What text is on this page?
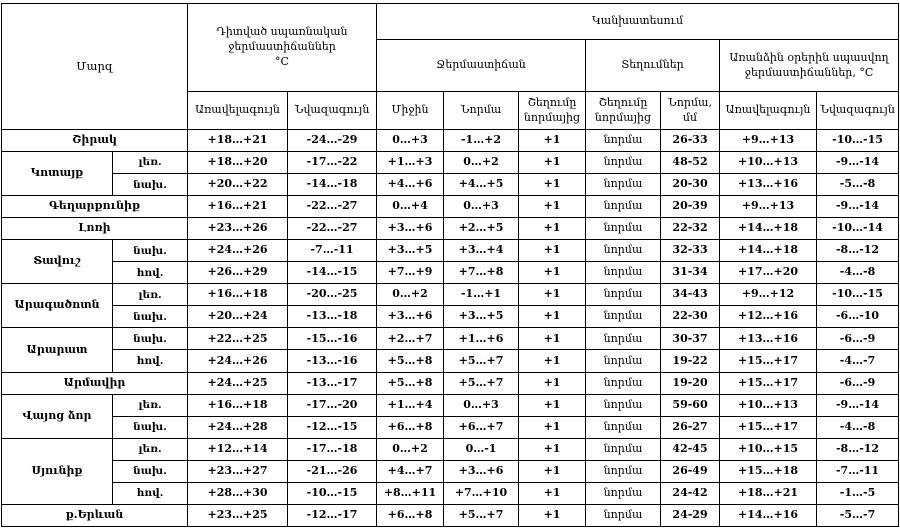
Մարզ		Դիտված սպառնական ջերմաստիճաններ
°C		Կանխատեսում						
				Ջերմաստիճան			Տեղումներ		Առանձին օրերին սպասվող ջերմաստիճաններ, °C	
		Առավելագույն	Նվազագույն	Միջին	Նորմա	Շեղումը նորմայից	Շեղումը նորմայից	Նորմա, մմ	Առավելագույն	Նվազագույն
Շիրակ		+18…+21	-24…-29	0…+3	-1…+2	+1	նորմա	26-33	+9…+13	-10…-15
Կոտայք	լեռ.	+18…+20	-17…-22	+1…+3	0…+2	+1	նորմա	48-52	+10…+13	-9…-14
	նախ.	+20…+22	-14…-18	+4…+6	+4…+5	+1	նորմա	20-30	+13…+16	-5…-8
Գեղարքունիք		+16…+21	-22…-27	0…+4	0…+3	+1	նորմա	20-39	+9…+13	-9…-14
Լոռի		+23…+26	-22…-27	+3…+6	+2…+5	+1	նորմա	22-32	+14…+18	-10…-14
Տավուշ	նախ.	+24…+26	-7…-11	+3…+5	+3…+4	+1	նորմա	32-33	+14…+18	-8…-12
	հով.	+26…+29	-14…-15	+7…+9	+7…+8	+1	նորմա	31-34	+17…+20	-4…-8
Արագածոտն	լեռ.	+16…+18	-20…-25	0…+2	-1…+1	+1	նորմա	34-43	+9…+12	-10…-15
	նախ.	+20…+24	-13…-18	+3…+6	+3…+5	+1	նորմա	22-30	+12…+16	-6…-10
Արարատ	նախ.	+22…+25	-15…-16	+2…+7	+1…+6	+1	նորմա	30-37	+13…+16	-6…-9
	հով.	+24…+26	-13…-16	+5…+8	+5…+7	+1	նորմա	19-22	+15…+17	-4…-7
Արմավիր		+24…+25	-13…-17	+5…+8	+5…+7	+1	նորմա	19-20	+15…+17	-6…-9
Վայոց ձոր	լեռ.	+16…+18	-17…-20	+1…+4	0…+3	+1	նորմա	59-60	+10…+13	-9…-14
	նախ.	+24…+28	-12…-15	+6…+8	+6…+7	+1	նորմա	26-27	+15…+17	-4…-8
Սյունիք	լեռ.	+12…+14	-17…-18	0…+2	0…-1	+1	նորմա	42-45	+10…+15	-8…-12
	նախ.	+23…+27	-21…-26	+4…+7	+3…+6	+1	նորմա	26-49	+15…+18	-7…-11
	հով.	+28…+30	-10…-15	+8…+11	+7…+10	+1	նորմա	24-42	+18…+21	-1…-5
ք.Երևան		+23…+25	-12…-17	+6…+8	+5…+7	+1	նորմա	24-29	+14…+16	-5…-7
